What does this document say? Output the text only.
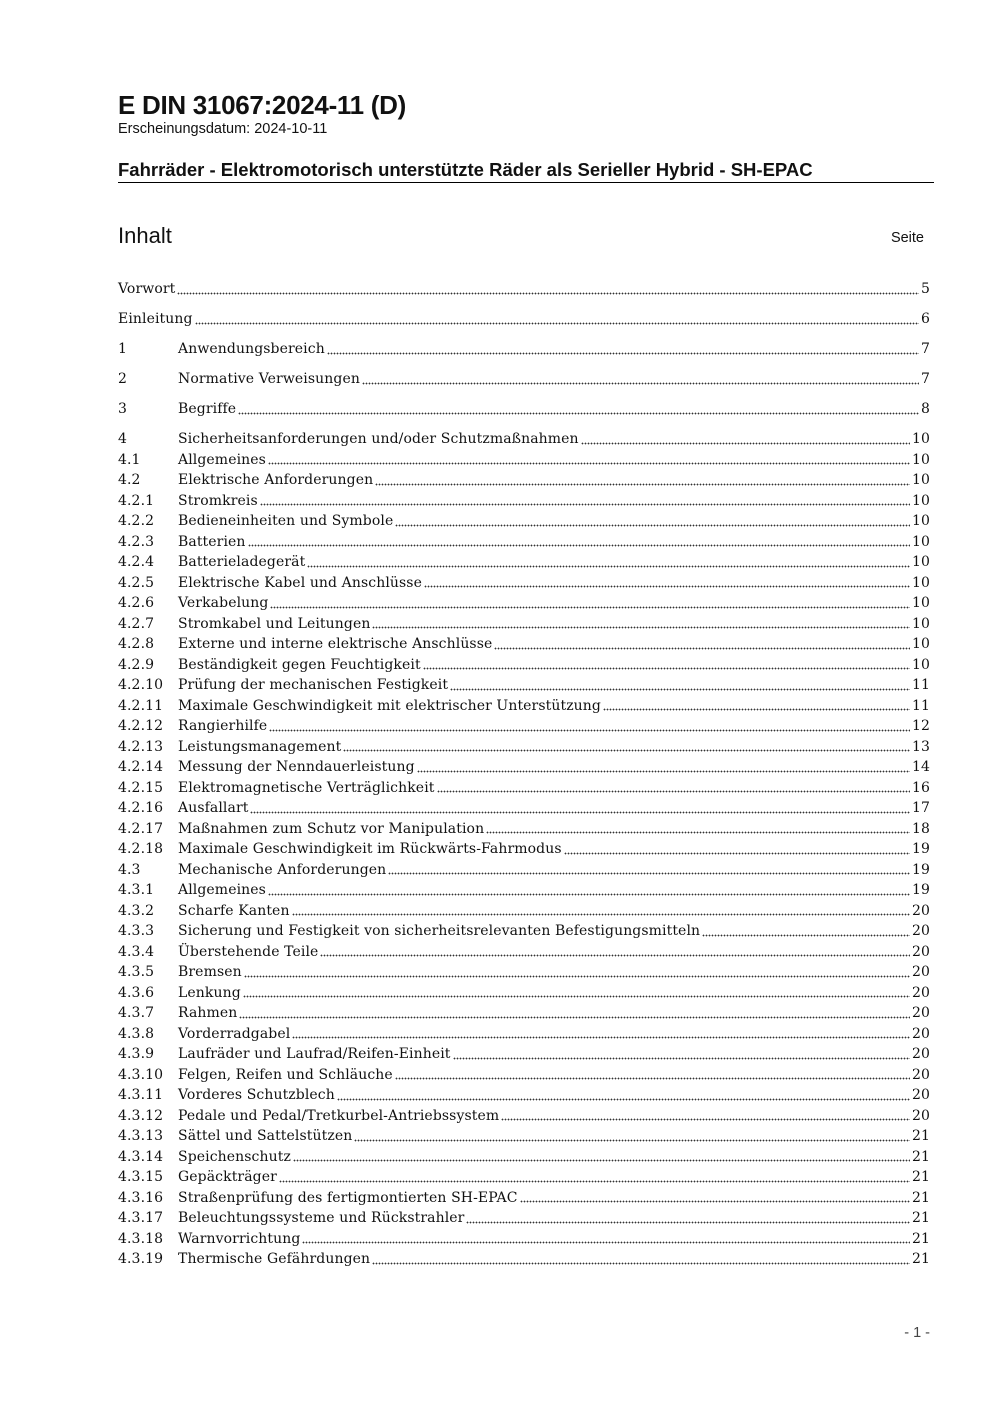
E DIN 31067:2024-11 (D)
Erscheinungsdatum: 2024-10-11
Fahrräder - Elektromotorisch unterstützte Räder als Serieller Hybrid - SH-EPAC
Inhalt	Seite
Vorwort	5
Einleitung	6
1	Anwendungsbereich	7
2	Normative Verweisungen	7
3	Begriffe	8
4	Sicherheitsanforderungen und/oder Schutzmaßnahmen	10
4.1	Allgemeines	10
4.2	Elektrische Anforderungen	10
4.2.1	Stromkreis	10
4.2.2	Bedieneinheiten und Symbole	10
4.2.3	Batterien	10
4.2.4	Batterieladegerät	10
4.2.5	Elektrische Kabel und Anschlüsse	10
4.2.6	Verkabelung	10
4.2.7	Stromkabel und Leitungen	10
4.2.8	Externe und interne elektrische Anschlüsse	10
4.2.9	Beständigkeit gegen Feuchtigkeit	10
4.2.10	Prüfung der mechanischen Festigkeit	11
4.2.11	Maximale Geschwindigkeit mit elektrischer Unterstützung	11
4.2.12	Rangierhilfe	12
4.2.13	Leistungsmanagement	13
4.2.14	Messung der Nenndauerleistung	14
4.2.15	Elektromagnetische Verträglichkeit	16
4.2.16	Ausfallart	17
4.2.17	Maßnahmen zum Schutz vor Manipulation	18
4.2.18	Maximale Geschwindigkeit im Rückwärts-Fahrmodus	19
4.3	Mechanische Anforderungen	19
4.3.1	Allgemeines	19
4.3.2	Scharfe Kanten	20
4.3.3	Sicherung und Festigkeit von sicherheitsrelevanten Befestigungsmitteln	20
4.3.4	Überstehende Teile	20
4.3.5	Bremsen	20
4.3.6	Lenkung	20
4.3.7	Rahmen	20
4.3.8	Vorderradgabel	20
4.3.9	Laufräder und Laufrad/Reifen-Einheit	20
4.3.10	Felgen, Reifen und Schläuche	20
4.3.11	Vorderes Schutzblech	20
4.3.12	Pedale und Pedal/Tretkurbel-Antriebssystem	20
4.3.13	Sättel und Sattelstützen	21
4.3.14	Speichenschutz	21
4.3.15	Gepäckträger	21
4.3.16	Straßenprüfung des fertigmontierten SH-EPAC	21
4.3.17	Beleuchtungssysteme und Rückstrahler	21
4.3.18	Warnvorrichtung	21
4.3.19	Thermische Gefährdungen	21
- 1 -
